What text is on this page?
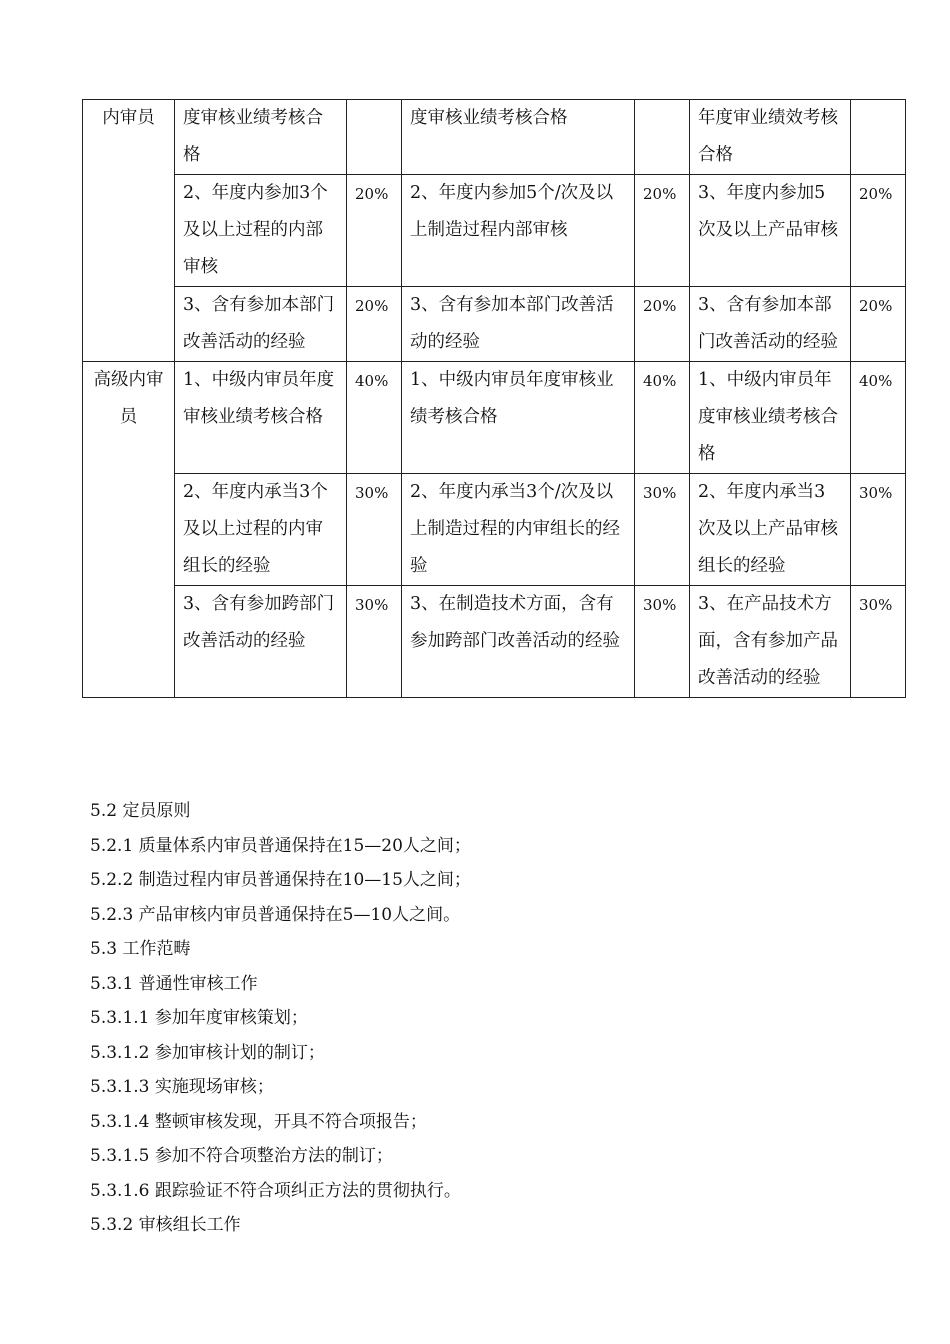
内审员	度审核业绩考核合格		度审核业绩考核合格		年度审业绩效考核合格	
	2、年度内参加3个及以上过程的内部审核	20%	2、年度内参加5个/次及以上制造过程内部审核	20%	3、年度内参加5次及以上产品审核	20%
	3、含有参加本部门改善活动的经验	20%	3、含有参加本部门改善活动的经验	20%	3、含有参加本部门改善活动的经验	20%
高级内审员	1、中级内审员年度审核业绩考核合格	40%	1、中级内审员年度审核业绩考核合格	40%	1、中级内审员年度审核业绩考核合格	40%
	2、年度内承当3个及以上过程的内审组长的经验	30%	2、年度内承当3个/次及以上制造过程的内审组长的经验	30%	2、年度内承当3次及以上产品审核组长的经验	30%
	3、含有参加跨部门改善活动的经验	30%	3、在制造技术方面，含有参加跨部门改善活动的经验	30%	3、在产品技术方面，含有参加产品改善活动的经验	30%
5.2 定员原则
5.2.1 质量体系内审员普通保持在15—20人之间；
5.2.2 制造过程内审员普通保持在10—15人之间；
5.2.3 产品审核内审员普通保持在5—10人之间。
5.3 工作范畴
5.3.1 普通性审核工作
5.3.1.1 参加年度审核策划；
5.3.1.2 参加审核计划的制订；
5.3.1.3 实施现场审核；
5.3.1.4 整顿审核发现，开具不符合项报告；
5.3.1.5 参加不符合项整治方法的制订；
5.3.1.6 跟踪验证不符合项纠正方法的贯彻执行。
5.3.2 审核组长工作
